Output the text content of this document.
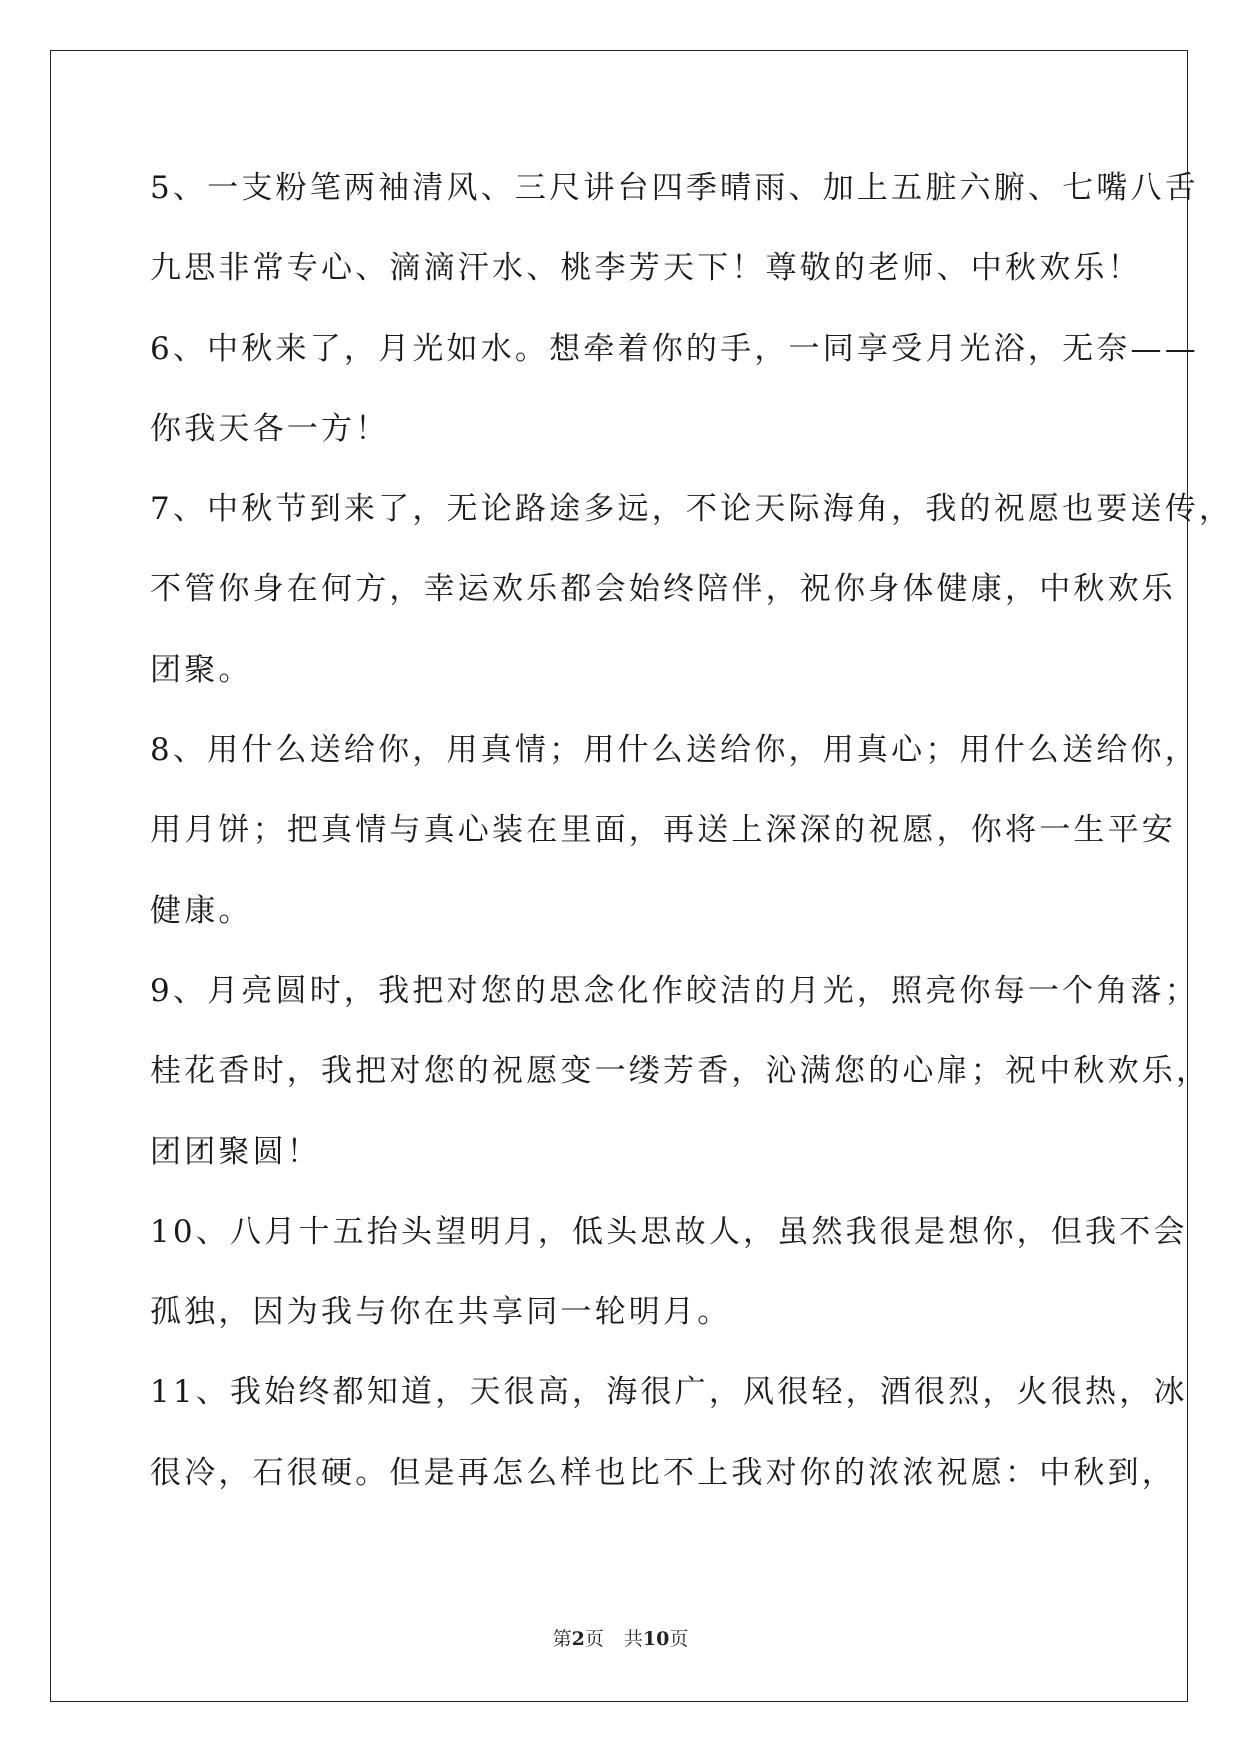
5、一支粉笔两袖清风、三尺讲台四季晴雨、加上五脏六腑、七嘴八舌
九思非常专心、滴滴汗水、桃李芳天下！尊敬的老师、中秋欢乐！
6、中秋来了，月光如水。想牵着你的手，一同享受月光浴，无奈——
你我天各一方！
7、中秋节到来了，无论路途多远，不论天际海角，我的祝愿也要送传，
不管你身在何方，幸运欢乐都会始终陪伴，祝你身体健康，中秋欢乐
团聚。
8、用什么送给你，用真情；用什么送给你，用真心；用什么送给你，
用月饼；把真情与真心装在里面，再送上深深的祝愿，你将一生平安
健康。
9、月亮圆时，我把对您的思念化作皎洁的月光，照亮你每一个角落；
桂花香时，我把对您的祝愿变一缕芳香，沁满您的心扉；祝中秋欢乐，
团团聚圆！
10、八月十五抬头望明月，低头思故人，虽然我很是想你，但我不会
孤独，因为我与你在共享同一轮明月。
11、我始终都知道，天很高，海很广，风很轻，酒很烈，火很热，冰
很冷，石很硬。但是再怎么样也比不上我对你的浓浓祝愿：中秋到，
第2页 共10页
